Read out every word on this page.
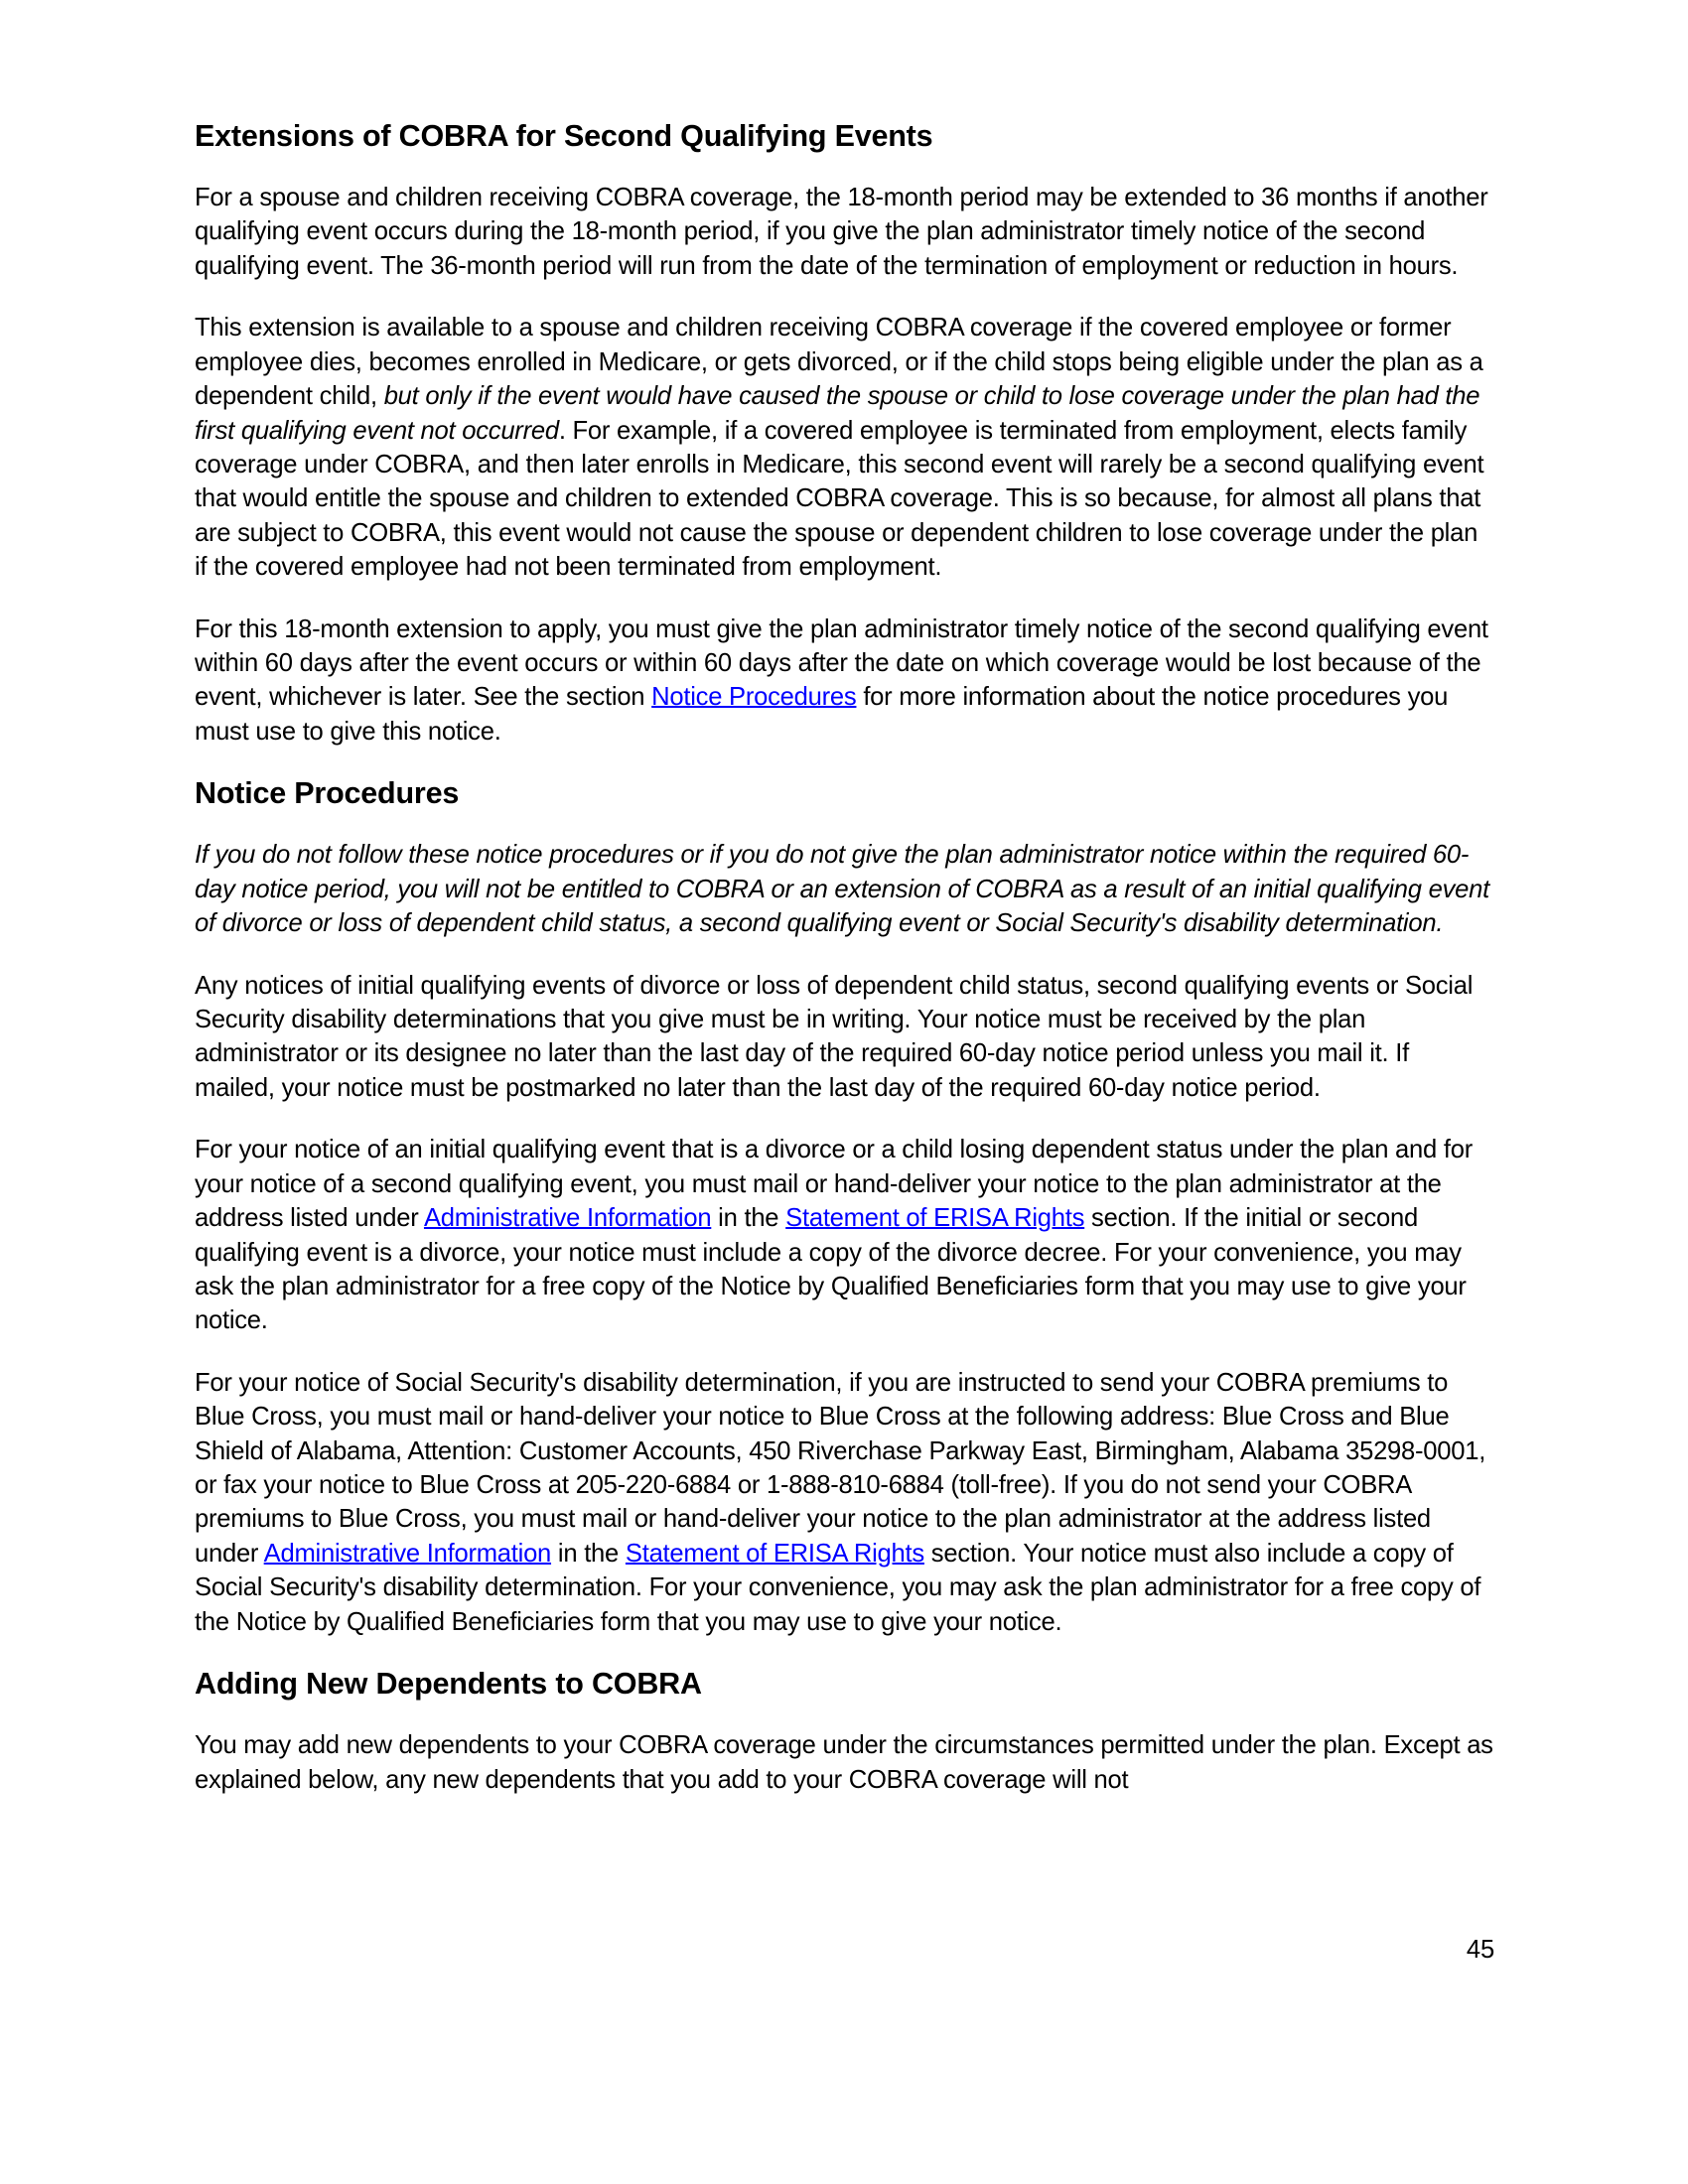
Extensions of COBRA for Second Qualifying Events

For a spouse and children receiving COBRA coverage, the 18-month period may be extended to 36 months if another qualifying event occurs during the 18-month period, if you give the plan administrator timely notice of the second qualifying event. The 36-month period will run from the date of the termination of employment or reduction in hours.

This extension is available to a spouse and children receiving COBRA coverage if the covered employee or former employee dies, becomes enrolled in Medicare, or gets divorced, or if the child stops being eligible under the plan as a dependent child, but only if the event would have caused the spouse or child to lose coverage under the plan had the first qualifying event not occurred. For example, if a covered employee is terminated from employment, elects family coverage under COBRA, and then later enrolls in Medicare, this second event will rarely be a second qualifying event that would entitle the spouse and children to extended COBRA coverage. This is so because, for almost all plans that are subject to COBRA, this event would not cause the spouse or dependent children to lose coverage under the plan if the covered employee had not been terminated from employment.

For this 18-month extension to apply, you must give the plan administrator timely notice of the second qualifying event within 60 days after the event occurs or within 60 days after the date on which coverage would be lost because of the event, whichever is later. See the section Notice Procedures for more information about the notice procedures you must use to give this notice.

Notice Procedures

If you do not follow these notice procedures or if you do not give the plan administrator notice within the required 60-day notice period, you will not be entitled to COBRA or an extension of COBRA as a result of an initial qualifying event of divorce or loss of dependent child status, a second qualifying event or Social Security's disability determination.

Any notices of initial qualifying events of divorce or loss of dependent child status, second qualifying events or Social Security disability determinations that you give must be in writing. Your notice must be received by the plan administrator or its designee no later than the last day of the required 60-day notice period unless you mail it. If mailed, your notice must be postmarked no later than the last day of the required 60-day notice period.

For your notice of an initial qualifying event that is a divorce or a child losing dependent status under the plan and for your notice of a second qualifying event, you must mail or hand-deliver your notice to the plan administrator at the address listed under Administrative Information in the Statement of ERISA Rights section. If the initial or second qualifying event is a divorce, your notice must include a copy of the divorce decree. For your convenience, you may ask the plan administrator for a free copy of the Notice by Qualified Beneficiaries form that you may use to give your notice.

For your notice of Social Security's disability determination, if you are instructed to send your COBRA premiums to Blue Cross, you must mail or hand-deliver your notice to Blue Cross at the following address: Blue Cross and Blue Shield of Alabama, Attention: Customer Accounts, 450 Riverchase Parkway East, Birmingham, Alabama 35298-0001, or fax your notice to Blue Cross at 205-220-6884 or 1-888-810-6884 (toll-free). If you do not send your COBRA premiums to Blue Cross, you must mail or hand-deliver your notice to the plan administrator at the address listed under Administrative Information in the Statement of ERISA Rights section. Your notice must also include a copy of Social Security's disability determination. For your convenience, you may ask the plan administrator for a free copy of the Notice by Qualified Beneficiaries form that you may use to give your notice.

Adding New Dependents to COBRA

You may add new dependents to your COBRA coverage under the circumstances permitted under the plan. Except as explained below, any new dependents that you add to your COBRA coverage will not

45
